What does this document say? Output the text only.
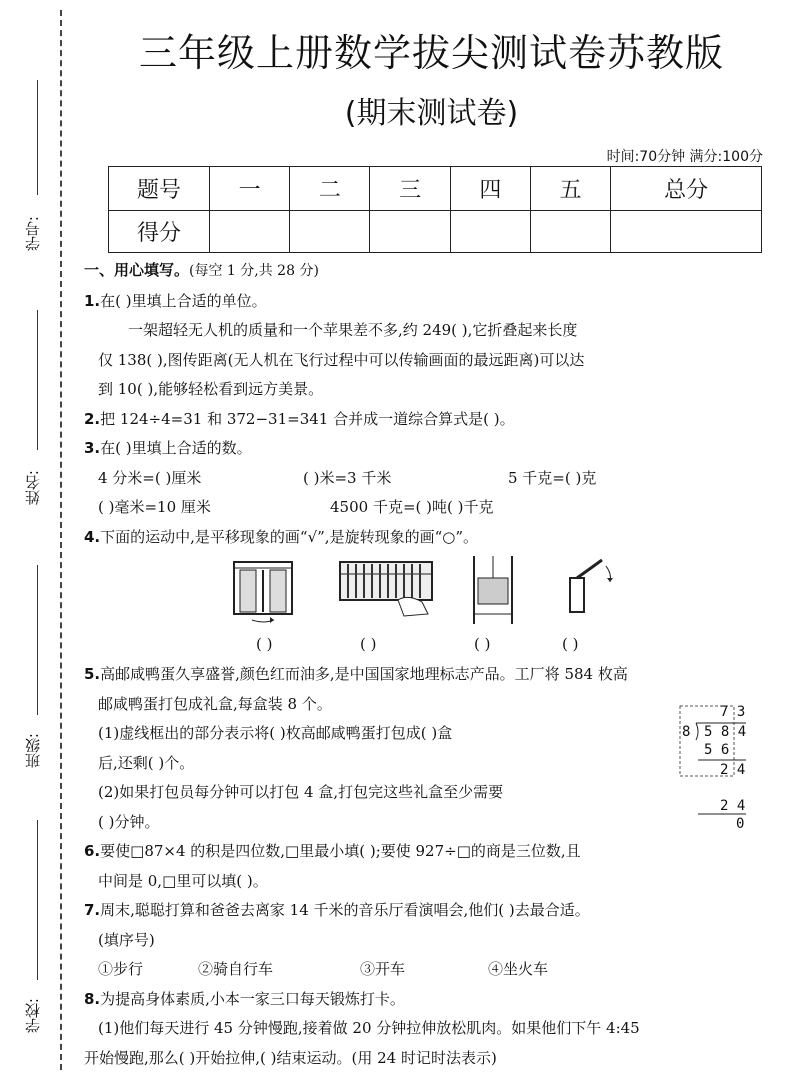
学号:
姓名:
班级:
学校:
三年级上册数学拔尖测试卷苏教版
(期末测试卷)
时间:70分钟 满分:100分
题号	一	二	三	四	五	总分
得分						
一、用心填写。(每空 1 分,共 28 分)
1.在( )里填上合适的单位。
一架超轻无人机的质量和一个苹果差不多,约 249( ),它折叠起来长度
仅 138( ),图传距离(无人机在飞行过程中可以传输画面的最远距离)可以达
到 10( ),能够轻松看到远方美景。
2.把 124÷4=31 和 372−31=341 合并成一道综合算式是( )。
3.在( )里填上合适的数。
4 分米=( )厘米	( )米=3 千米	5 千克=( )克
( )毫米=10 厘米	4500 千克=( )吨( )千克
4.下面的运动中,是平移现象的画“√”,是旋转现象的画“○”。
( )	( )	( )	( )
5.高邮咸鸭蛋久享盛誉,颜色红而油多,是中国国家地理标志产品。工厂将 584 枚高
邮咸鸭蛋打包成礼盒,每盒装 8 个。
(1)虚线框出的部分表示将( )枚高邮咸鸭蛋打包成( )盒
后,还剩( )个。
(2)如果打包员每分钟可以打包 4 盒,打包完这些礼盒至少需要
( )分钟。
6.要使□87×4 的积是四位数,□里最小填( );要使 927÷□的商是三位数,且
中间是 0,□里可以填( )。
7.周末,聪聪打算和爸爸去离家 14 千米的音乐厅看演唱会,他们( )去最合适。
(填序号)
①步行	②骑自行车	③开车	④坐火车
8.为提高身体素质,小本一家三口每天锻炼打卡。
(1)他们每天进行 45 分钟慢跑,接着做 20 分钟拉伸放松肌肉。如果他们下午 4:45
开始慢跑,那么( )开始拉伸,( )结束运动。(用 24 时记时法表示)
7 3
8 5 8 4
5 6
2 4
2 4
0
